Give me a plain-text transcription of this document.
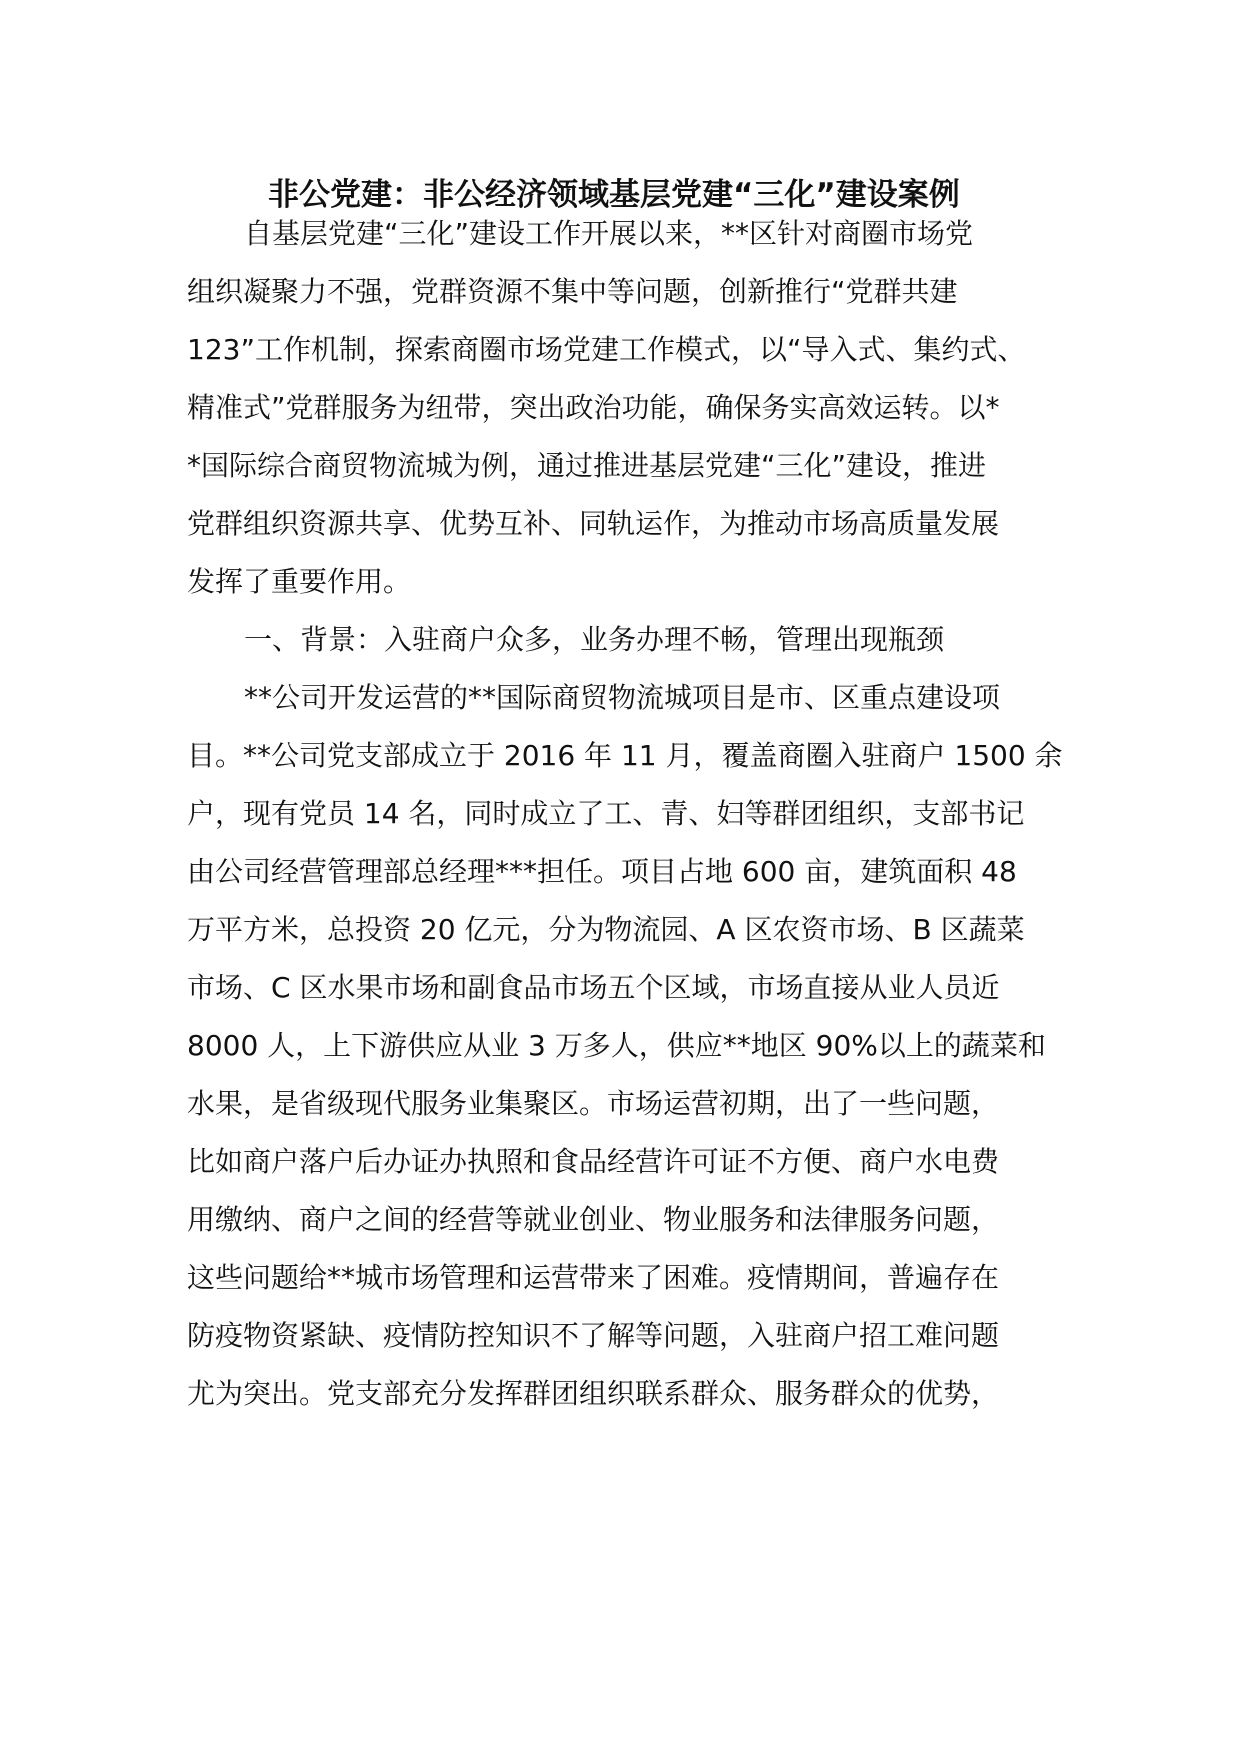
非公党建：非公经济领域基层党建“三化”建设案例
自基层党建“三化”建设工作开展以来，**区针对商圈市场党
组织凝聚力不强，党群资源不集中等问题，创新推行“党群共建
123”工作机制，探索商圈市场党建工作模式，以“导入式、集约式、
精准式”党群服务为纽带，突出政治功能，确保务实高效运转。以*
*国际综合商贸物流城为例，通过推进基层党建“三化”建设，推进
党群组织资源共享、优势互补、同轨运作，为推动市场高质量发展
发挥了重要作用。
一、背景：入驻商户众多，业务办理不畅，管理出现瓶颈
**公司开发运营的**国际商贸物流城项目是市、区重点建设项
目。**公司党支部成立于 2016 年 11 月，覆盖商圈入驻商户 1500 余
户，现有党员 14 名，同时成立了工、青、妇等群团组织，支部书记
由公司经营管理部总经理***担任。项目占地 600 亩，建筑面积 48
万平方米，总投资 20 亿元，分为物流园、A 区农资市场、B 区蔬菜
市场、C 区水果市场和副食品市场五个区域，市场直接从业人员近
8000 人，上下游供应从业 3 万多人，供应**地区 90%以上的蔬菜和
水果，是省级现代服务业集聚区。市场运营初期，出了一些问题，
比如商户落户后办证办执照和食品经营许可证不方便、商户水电费
用缴纳、商户之间的经营等就业创业、物业服务和法律服务问题，
这些问题给**城市场管理和运营带来了困难。疫情期间，普遍存在
防疫物资紧缺、疫情防控知识不了解等问题，入驻商户招工难问题
尤为突出。党支部充分发挥群团组织联系群众、服务群众的优势，
